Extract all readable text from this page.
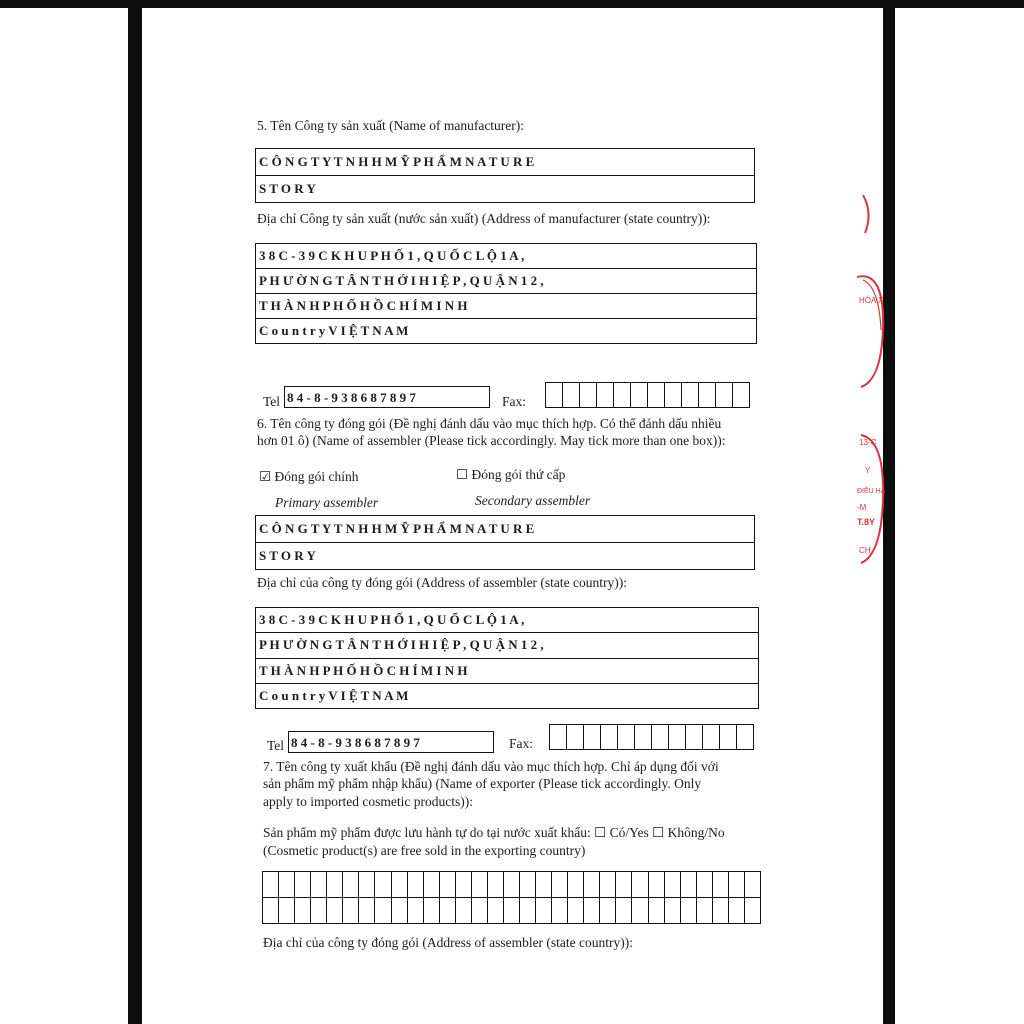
5. Tên Công ty sản xuất (Name of manufacturer):
C Ô N G T Y T N H H M Ỹ P H Ẩ M N A T U R E
S T O R Y
Địa chỉ Công ty sản xuất (nước sản xuất) (Address of manufacturer (state country)):
3 8 C - 3 9 C K H U P H Ố 1 , Q U Ố C L Ộ 1 A ,
P H Ư Ờ N G T Â N T H Ớ I H I Ệ P , Q U Ậ N 1 2 ,
T H À N H P H Ố H Ồ C H Í M I N H
C o u n t r y V I Ệ T N A M
Tel 8 4 - 8 - 9 3 8 6 8 7 8 9 7	Fax:

6. Tên công ty đóng gói (Đề nghị đánh dấu vào mục thích hợp. Có thể đánh dấu nhiều
hơn 01 ô) (Name of assembler (Please tick accordingly. May tick more than one box)):
☑ Đóng gói chính	☐ Đóng gói thứ cấp
Primary assembler	Secondary assembler
C Ô N G T Y T N H H M Ỹ P H Ẩ M N A T U R E
S T O R Y
Địa chỉ của công ty đóng gói (Address of assembler (state country)):
3 8 C - 3 9 C K H U P H Ố 1 , Q U Ố C L Ộ 1 A ,
P H Ư Ờ N G T Â N T H Ớ I H I Ệ P , Q U Ậ N 1 2 ,
T H À N H P H Ố H Ồ C H Í M I N H
C o u n t r y V I Ệ T N A M
Tel 8 4 - 8 - 9 3 8 6 8 7 8 9 7	Fax:

7. Tên công ty xuất khẩu (Đề nghị đánh dấu vào mục thích hợp. Chỉ áp dụng đối với
sản phẩm mỹ phẩm nhập khẩu) (Name of exporter (Please tick accordingly. Only
apply to imported cosmetic products)):
Sản phẩm mỹ phẩm được lưu hành tự do tại nước xuất khẩu: ☐ Có/Yes ☐ Không/No
(Cosmetic product(s) are free sold in the exporting country)

Địa chỉ của công ty đóng gói (Address of assembler (state country)):
HÓA X
13-C
Y
ĐIỀU HÀ
-M
T.8Y
CH
